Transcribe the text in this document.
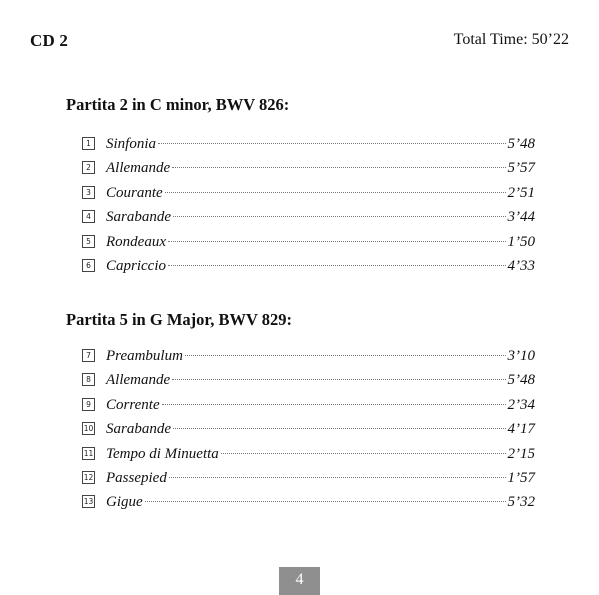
CD 2	Total Time: 50’22
Partita 2 in C minor, BWV 826:
1 Sinfonia	5’48
2 Allemande	5’57
3 Courante	2’51
4 Sarabande	3’44
5 Rondeaux	1’50
6 Capriccio	4’33
Partita 5 in G Major, BWV 829:
7 Preambulum	3’10
8 Allemande	5’48
9 Corrente	2’34
10 Sarabande	4’17
11 Tempo di Minuetta	2’15
12 Passepied	1’57
13 Gigue	5’32
4
